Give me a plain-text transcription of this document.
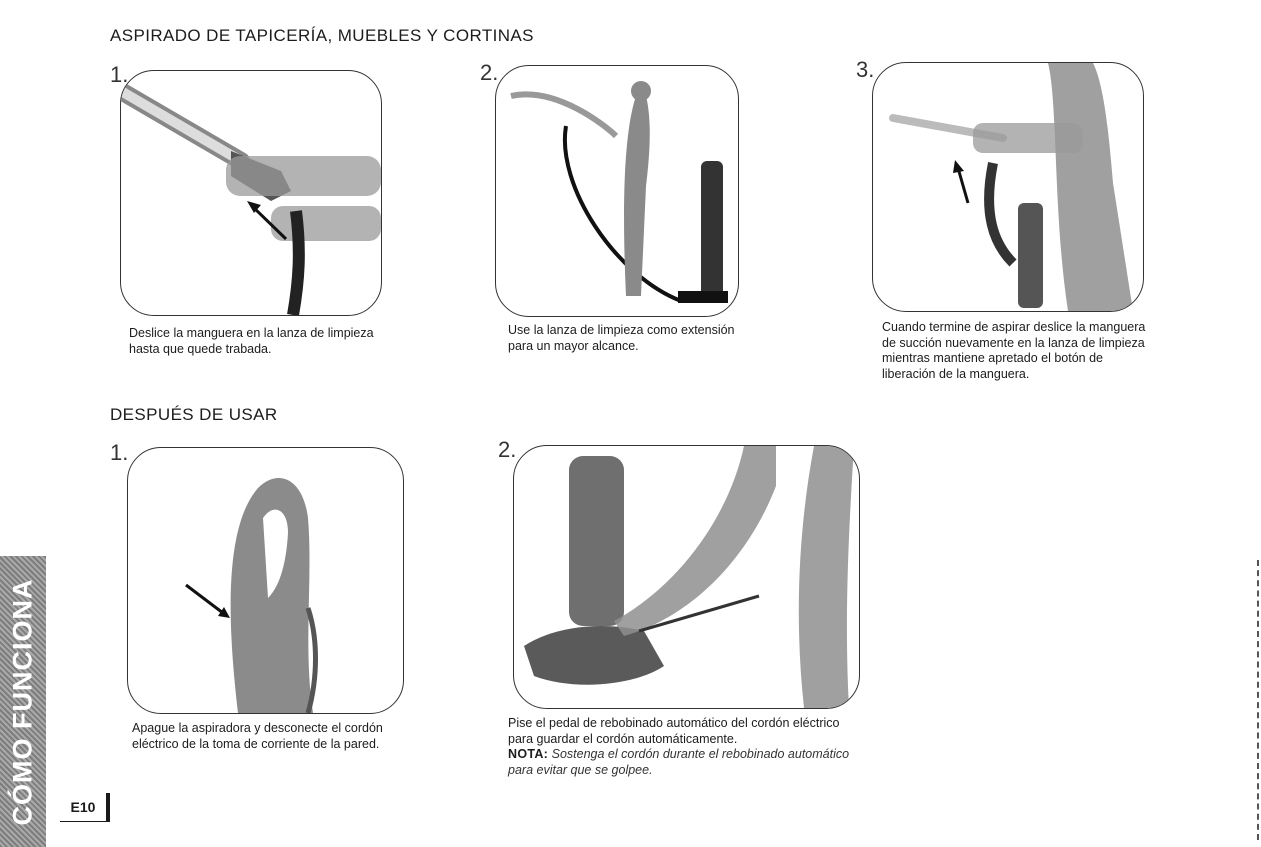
ASPIRADO DE TAPICERÍA, MUEBLES Y CORTINAS
1.

Deslice la manguera en la lanza de limpieza hasta que quede trabada.

2.

Use la lanza de limpieza como extensión para un mayor alcance.

3.

Cuando termine de aspirar deslice la manguera de succión nuevamente en la lanza de limpieza mientras mantiene apretado el botón de liberación de la manguera.

DESPUÉS DE USAR
1.

Apague la aspiradora y desconecte el cordón eléctrico de la toma de corriente de la pared.

2.

Pise el pedal de rebobinado automático del cordón eléctrico para guardar el cordón automáticamente.

NOTA: Sostenga el cordón durante el rebobinado automático para evitar que se golpee.

CÓMO FUNCIONA	E10
